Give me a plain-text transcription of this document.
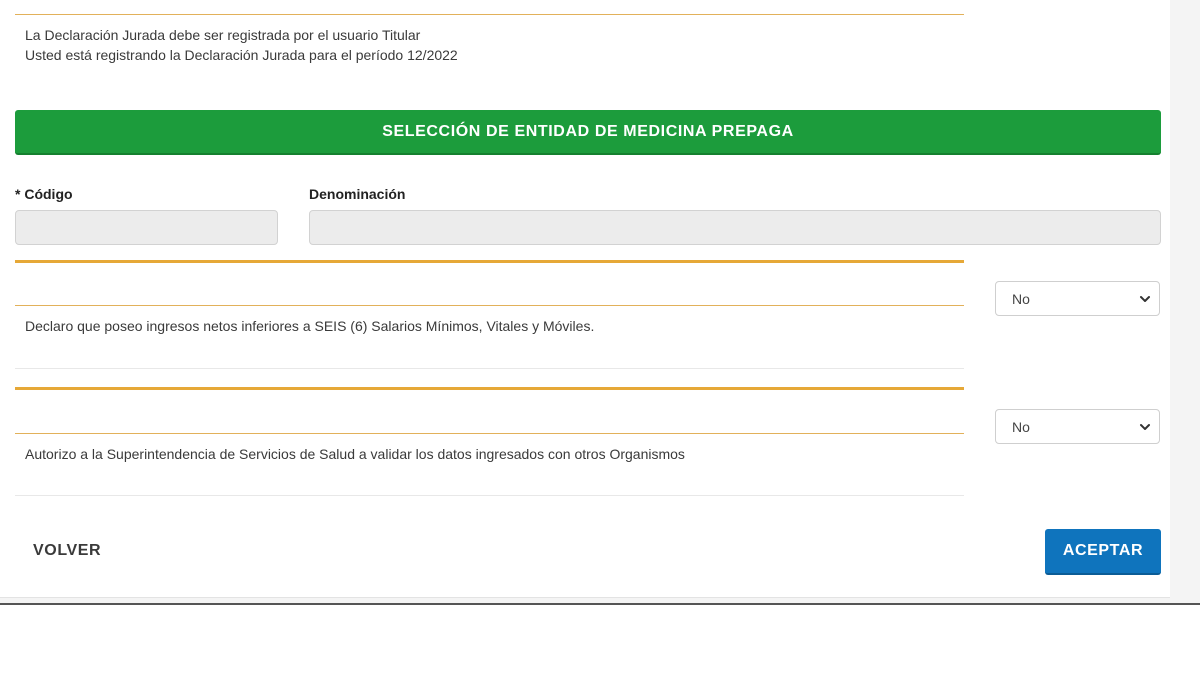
La Declaración Jurada debe ser registrada por el usuario Titular
Usted está registrando la Declaración Jurada para el período 12/2022
SELECCIÓN DE ENTIDAD DE MEDICINA PREPAGA
* Código	Denominación
Declaro que poseo ingresos netos inferiores a SEIS (6) Salarios Mínimos, Vitales y Móviles.
No
Autorizo a la Superintendencia de Servicios de Salud a validar los datos ingresados con otros Organismos
No
VOLVER	ACEPTAR
